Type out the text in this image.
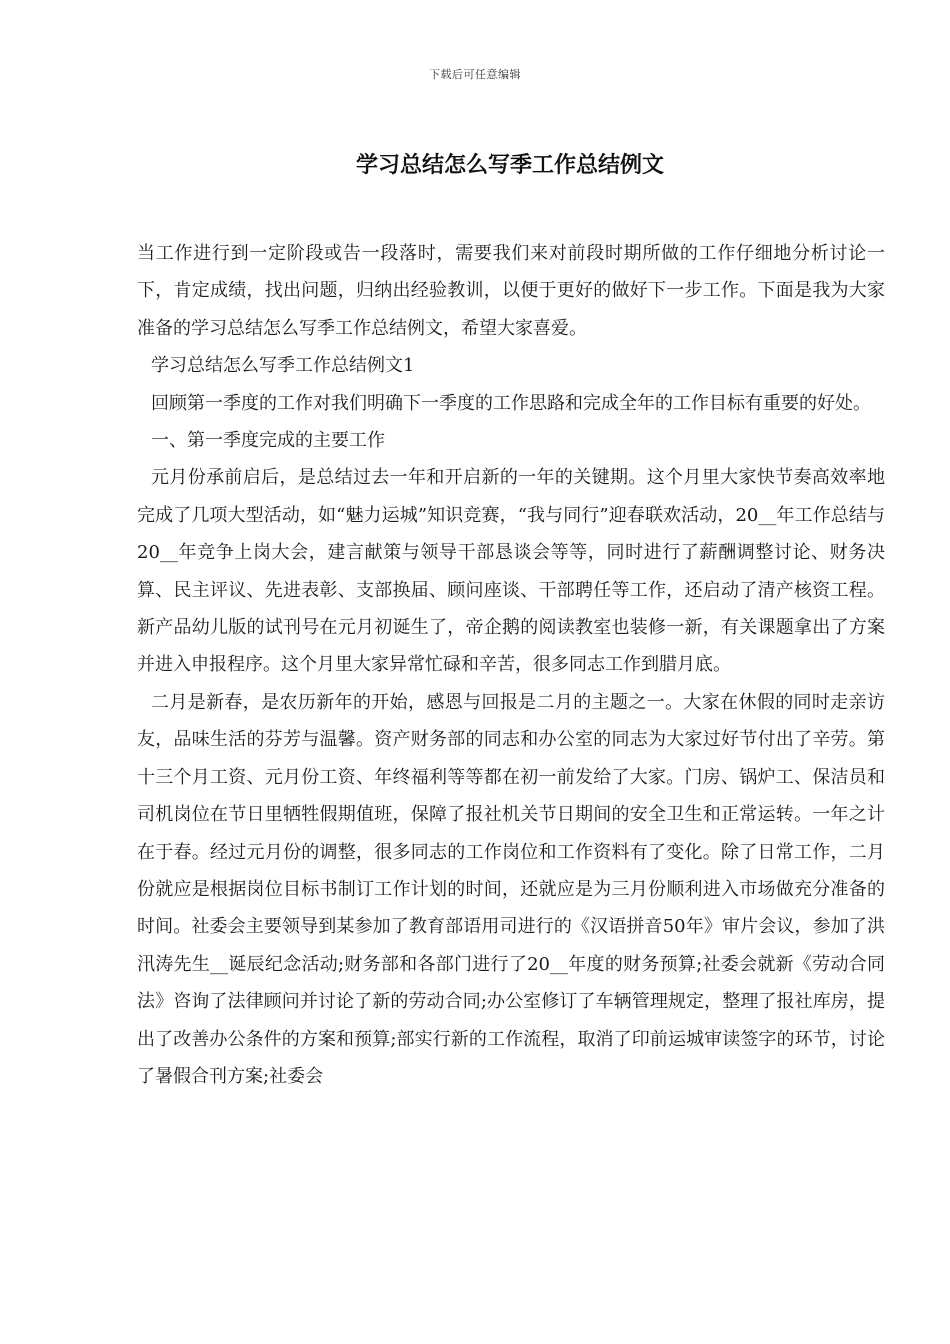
下载后可任意编辑
学习总结怎么写季工作总结例文

当工作进行到一定阶段或告一段落时，需要我们来对前段时期所做的工作仔细地分析讨论一下，肯定成绩，找出问题，归纳出经验教训，以便于更好的做好下一步工作。下面是我为大家准备的学习总结怎么写季工作总结例文，希望大家喜爱。

学习总结怎么写季工作总结例文1

回顾第一季度的工作对我们明确下一季度的工作思路和完成全年的工作目标有重要的好处。

一、第一季度完成的主要工作

元月份承前启后，是总结过去一年和开启新的一年的关键期。这个月里大家快节奏高效率地完成了几项大型活动，如“魅力运城”知识竞赛，“我与同行”迎春联欢活动，20__年工作总结与20__年竞争上岗大会，建言献策与领导干部恳谈会等等，同时进行了薪酬调整讨论、财务决算、民主评议、先进表彰、支部换届、顾问座谈、干部聘任等工作，还启动了清产核资工程。新产品幼儿版的试刊号在元月初诞生了，帝企鹅的阅读教室也装修一新，有关课题拿出了方案并进入申报程序。这个月里大家异常忙碌和辛苦，很多同志工作到腊月底。

二月是新春，是农历新年的开始，感恩与回报是二月的主题之一。大家在休假的同时走亲访友，品味生活的芬芳与温馨。资产财务部的同志和办公室的同志为大家过好节付出了辛劳。第十三个月工资、元月份工资、年终福利等等都在初一前发给了大家。门房、锅炉工、保洁员和司机岗位在节日里牺牲假期值班，保障了报社机关节日期间的安全卫生和正常运转。一年之计在于春。经过元月份的调整，很多同志的工作岗位和工作资料有了变化。除了日常工作，二月份就应是根据岗位目标书制订工作计划的时间，还就应是为三月份顺利进入市场做充分准备的时间。社委会主要领导到某参加了教育部语用司进行的《汉语拼音50年》审片会议，参加了洪汛涛先生__诞辰纪念活动;财务部和各部门进行了20__年度的财务预算;社委会就新《劳动合同法》咨询了法律顾问并讨论了新的劳动合同;办公室修订了车辆管理规定，整理了报社库房，提出了改善办公条件的方案和预算;部实行新的工作流程，取消了印前运城审读签字的环节，讨论了暑假合刊方案;社委会
